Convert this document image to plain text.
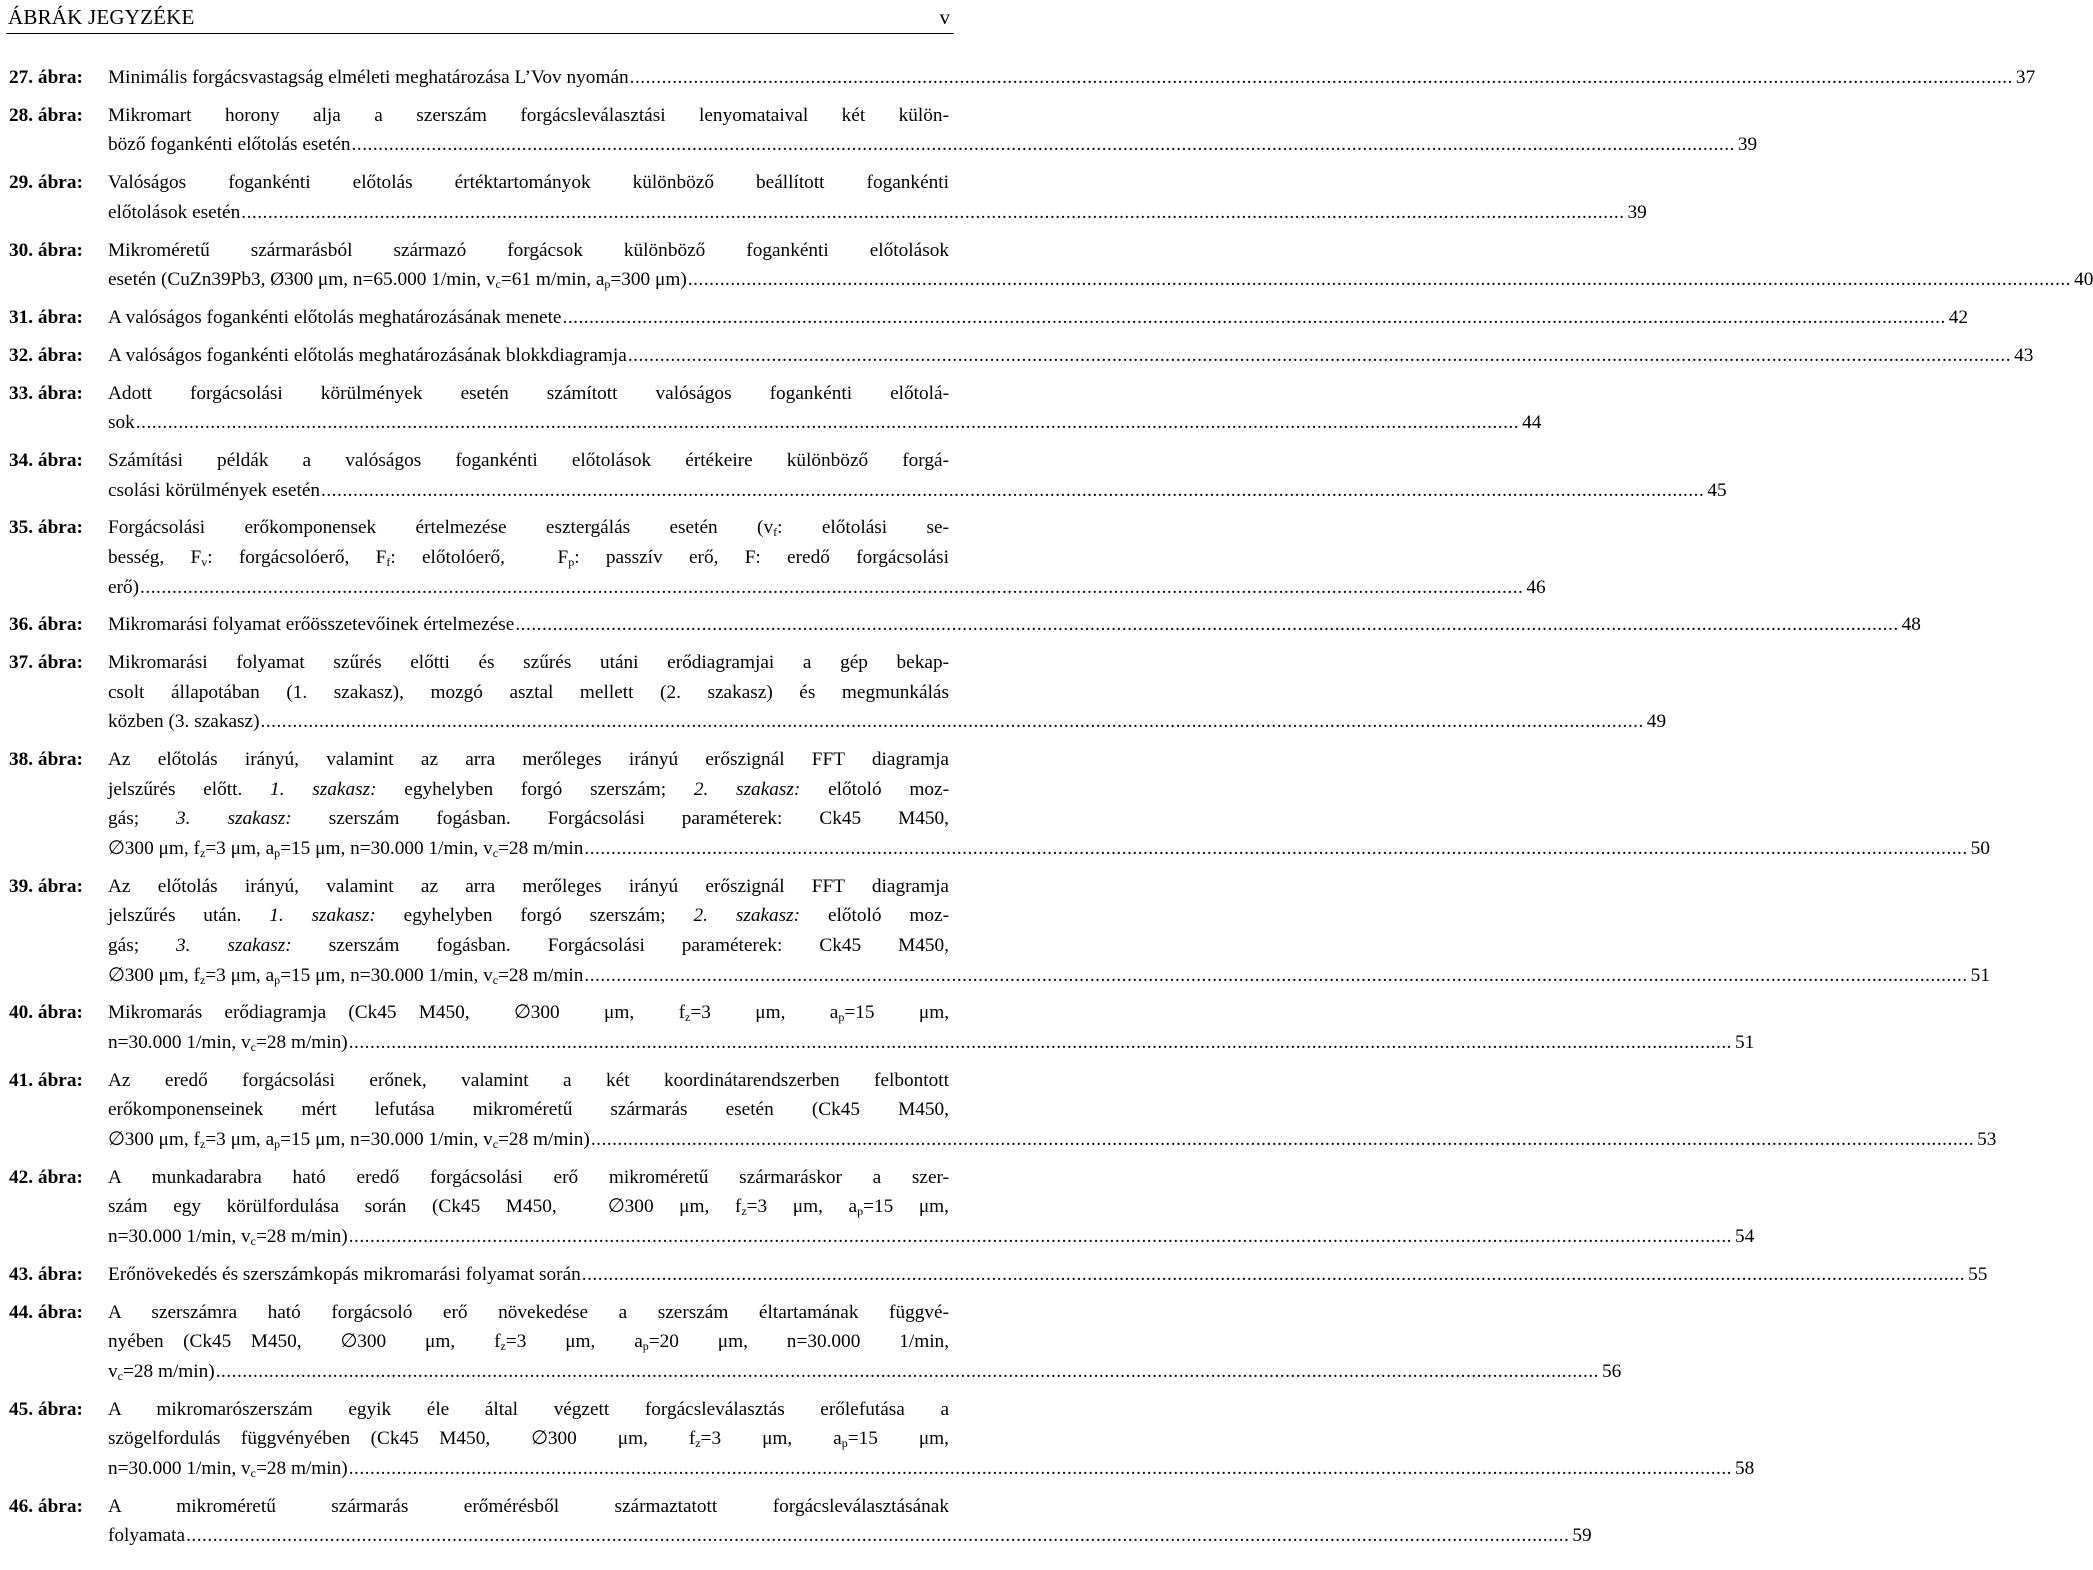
ÁBRÁK JEGYZÉKE	v
27. ábra: Minimális forgácsvastagság elméleti meghatározása L’Vov nyomán .................................................................................................................................................................................................................................................................... 37
28. ábra: Mikromart horony alja a szerszám forgácsleválasztási lenyomataival két külön-
böző fogankénti előtolás esetén .................................................................................................................................................................................................................................................................... 39
29. ábra: Valóságos fogankénti előtolás értéktartományok különböző beállított fogankénti
előtolások esetén .................................................................................................................................................................................................................................................................... 39
30. ábra: Mikroméretű szármarásból származó forgácsok különböző fogankénti előtolások
esetén (CuZn39Pb3, Ø300 μm, n=65.000 1/min, $v_c=61$ m/min, $a_p=300$ μm) .................................................................................................................................................................................................................................................................... 40
31. ábra: A valóságos fogankénti előtolás meghatározásának menete .................................................................................................................................................................................................................................................................... 42
32. ábra: A valóságos fogankénti előtolás meghatározásának blokkdiagramja .................................................................................................................................................................................................................................................................... 43
33. ábra: Adott forgácsolási körülmények esetén számított valóságos fogankénti előtolá-
sok .................................................................................................................................................................................................................................................................... 44
34. ábra: Számítási példák a valóságos fogankénti előtolások értékeire különböző forgá-
csolási körülmények esetén .................................................................................................................................................................................................................................................................... 45
35. ábra: Forgácsolási erőkomponensek értelmezése esztergálás esetén ($v_f$: előtolási se-
besség, $F_v$: forgácsolóerő, $F_f$: előtolóerő,  $F_p$: passzív erő, F: eredő forgácsolási
erő) .................................................................................................................................................................................................................................................................... 46
36. ábra: Mikromarási folyamat erőösszetevőinek értelmezése .................................................................................................................................................................................................................................................................... 48
37. ábra: Mikromarási folyamat szűrés előtti és szűrés utáni erődiagramjai a gép bekap-
csolt állapotában (1. szakasz), mozgó asztal mellett (2. szakasz) és megmunkálás
közben (3. szakasz) .................................................................................................................................................................................................................................................................... 49
38. ábra: Az előtolás irányú, valamint az arra merőleges irányú erőszignál FFT diagramja
jelszűrés előtt. 1. szakasz: egyhelyben forgó szerszám; 2. szakasz: előtoló moz-
gás; 3. szakasz: szerszám fogásban. Forgácsolási paraméterek: Ck45 M450,
∅300 μm, $f_z=3$ μm, $a_p=15$ μm, n=30.000 1/min, $v_c=28$ m/min .................................................................................................................................................................................................................................................................... 50
39. ábra: Az előtolás irányú, valamint az arra merőleges irányú erőszignál FFT diagramja
jelszűrés után. 1. szakasz: egyhelyben forgó szerszám; 2. szakasz: előtoló moz-
gás; 3. szakasz: szerszám fogásban. Forgácsolási paraméterek: Ck45 M450,
∅300 μm, $f_z=3$ μm, $a_p=15$ μm, n=30.000 1/min, $v_c=28$ m/min .................................................................................................................................................................................................................................................................... 51
40. ábra: Mikromarás erődiagramja (Ck45 M450,  ∅300  μm,  $f_z=3$  μm,  $a_p=15$  μm,
n=30.000 1/min, $v_c=28$ m/min) .................................................................................................................................................................................................................................................................... 51
41. ábra: Az eredő forgácsolási erőnek, valamint a két koordinátarendszerben felbontott
erőkomponenseinek mért lefutása mikroméretű szármarás esetén (Ck45 M450,
∅300 μm, $f_z=3$ μm, $a_p=15$ μm, n=30.000 1/min, $v_c=28$ m/min) .................................................................................................................................................................................................................................................................... 53
42. ábra: A munkadarabra ható eredő forgácsolási erő mikroméretű szármaráskor a szer-
szám egy körülfordulása során (Ck45 M450,  ∅300 μm, $f_z=3$ μm, $a_p=15$ μm,
n=30.000 1/min, $v_c=28$ m/min) .................................................................................................................................................................................................................................................................... 54
43. ábra: Erőnövekedés és szerszámkopás mikromarási folyamat során .................................................................................................................................................................................................................................................................... 55
44. ábra: A szerszámra ható forgácsoló erő növekedése a szerszám éltartamának függvé-
nyében (Ck45 M450,  ∅300  μm,  $f_z=3$  μm,  $a_p=20$  μm,  n=30.000  1/min,
$v_c=28$ m/min) .................................................................................................................................................................................................................................................................... 56
45. ábra: A mikromarószerszám egyik éle által végzett forgácsleválasztás erőlefutása a
szögelfordulás függvényében (Ck45 M450,  ∅300  μm,  $f_z=3$  μm,  $a_p=15$  μm,
n=30.000 1/min, $v_c=28$ m/min) .................................................................................................................................................................................................................................................................... 58
46. ábra: A mikroméretű szármarás erőmérésből származtatott forgácsleválasztásának
folyamata .................................................................................................................................................................................................................................................................... 59
